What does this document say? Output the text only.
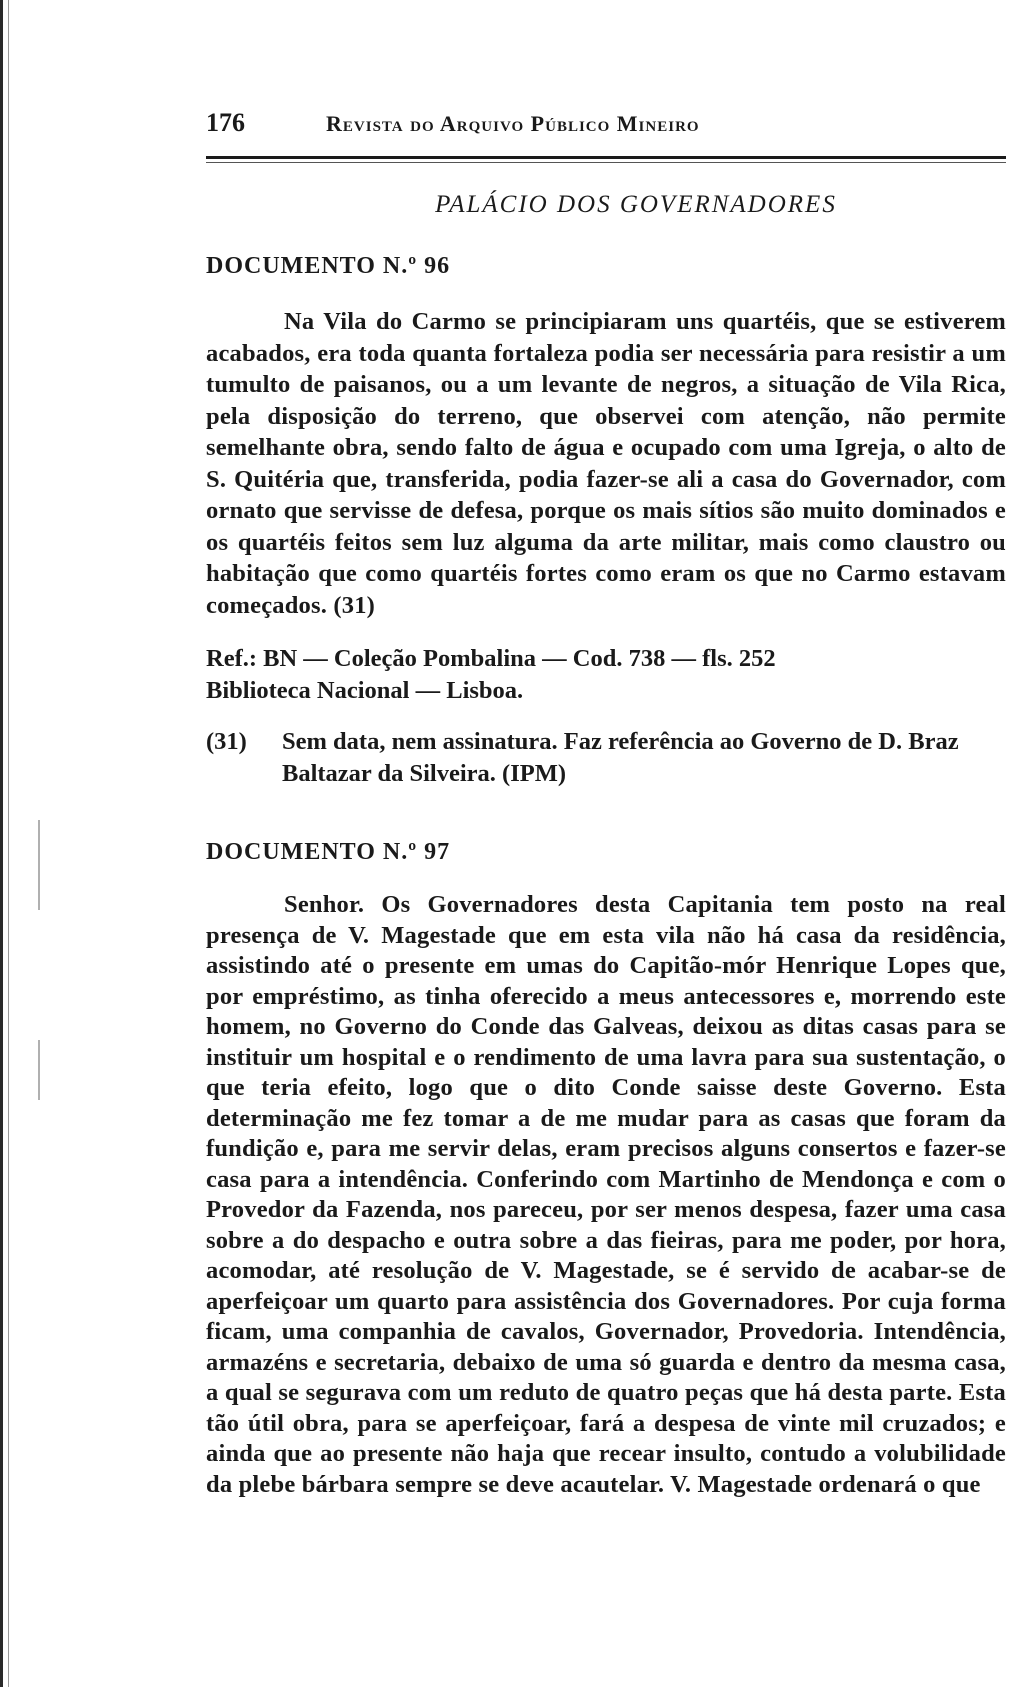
176	Revista do Arquivo Público Mineiro
PALÁCIO DOS GOVERNADORES
DOCUMENTO N.º 96

Na Vila do Carmo se principiaram uns quartéis, que se estiverem acabados, era toda quanta fortaleza podia ser necessária para resistir a um tumulto de paisanos, ou a um levante de negros, a situação de Vila Rica, pela disposição do terreno, que observei com atenção, não permite semelhante obra, sendo falto de água e ocupado com uma Igreja, o alto de S. Quitéria que, transferida, podia fazer-se ali a casa do Governador, com ornato que servisse de defesa, porque os mais sítios são muito dominados e os quartéis feitos sem luz alguma da arte militar, mais como claustro ou habitação que como quartéis fortes como eram os que no Carmo estavam começados. (31)

Ref.: BN — Coleção Pombalina — Cod. 738 — fls. 252
Biblioteca Nacional — Lisboa.
(31)	Sem data, nem assinatura. Faz referência ao Governo de D. Braz Baltazar da Silveira. (IPM)
DOCUMENTO N.º 97

Senhor. Os Governadores desta Capitania tem posto na real presença de V. Magestade que em esta vila não há casa da residência, assistindo até o presente em umas do Capitão-mór Henrique Lopes que, por empréstimo, as tinha oferecido a meus antecessores e, morrendo este homem, no Governo do Conde das Galveas, deixou as ditas casas para se instituir um hospital e o rendimento de uma lavra para sua sustentação, o que teria efeito, logo que o dito Conde saisse deste Governo. Esta determinação me fez tomar a de me mudar para as casas que foram da fundição e, para me servir delas, eram precisos alguns consertos e fazer-se casa para a intendência. Conferindo com Martinho de Mendonça e com o Provedor da Fazenda, nos pareceu, por ser menos despesa, fazer uma casa sobre a do despacho e outra sobre a das fieiras, para me poder, por hora, acomodar, até resolução de V. Magestade, se é servido de acabar-se de aperfeiçoar um quarto para assistência dos Governadores. Por cuja forma ficam, uma companhia de cavalos, Governador, Provedoria. Intendência, armazéns e secretaria, debaixo de uma só guarda e dentro da mesma casa, a qual se segurava com um reduto de quatro peças que há desta parte. Esta tão útil obra, para se aperfeiçoar, fará a despesa de vinte mil cruzados; e ainda que ao presente não haja que recear insulto, contudo a volubilidade da plebe bárbara sempre se deve acautelar. V. Magestade ordenará o que
